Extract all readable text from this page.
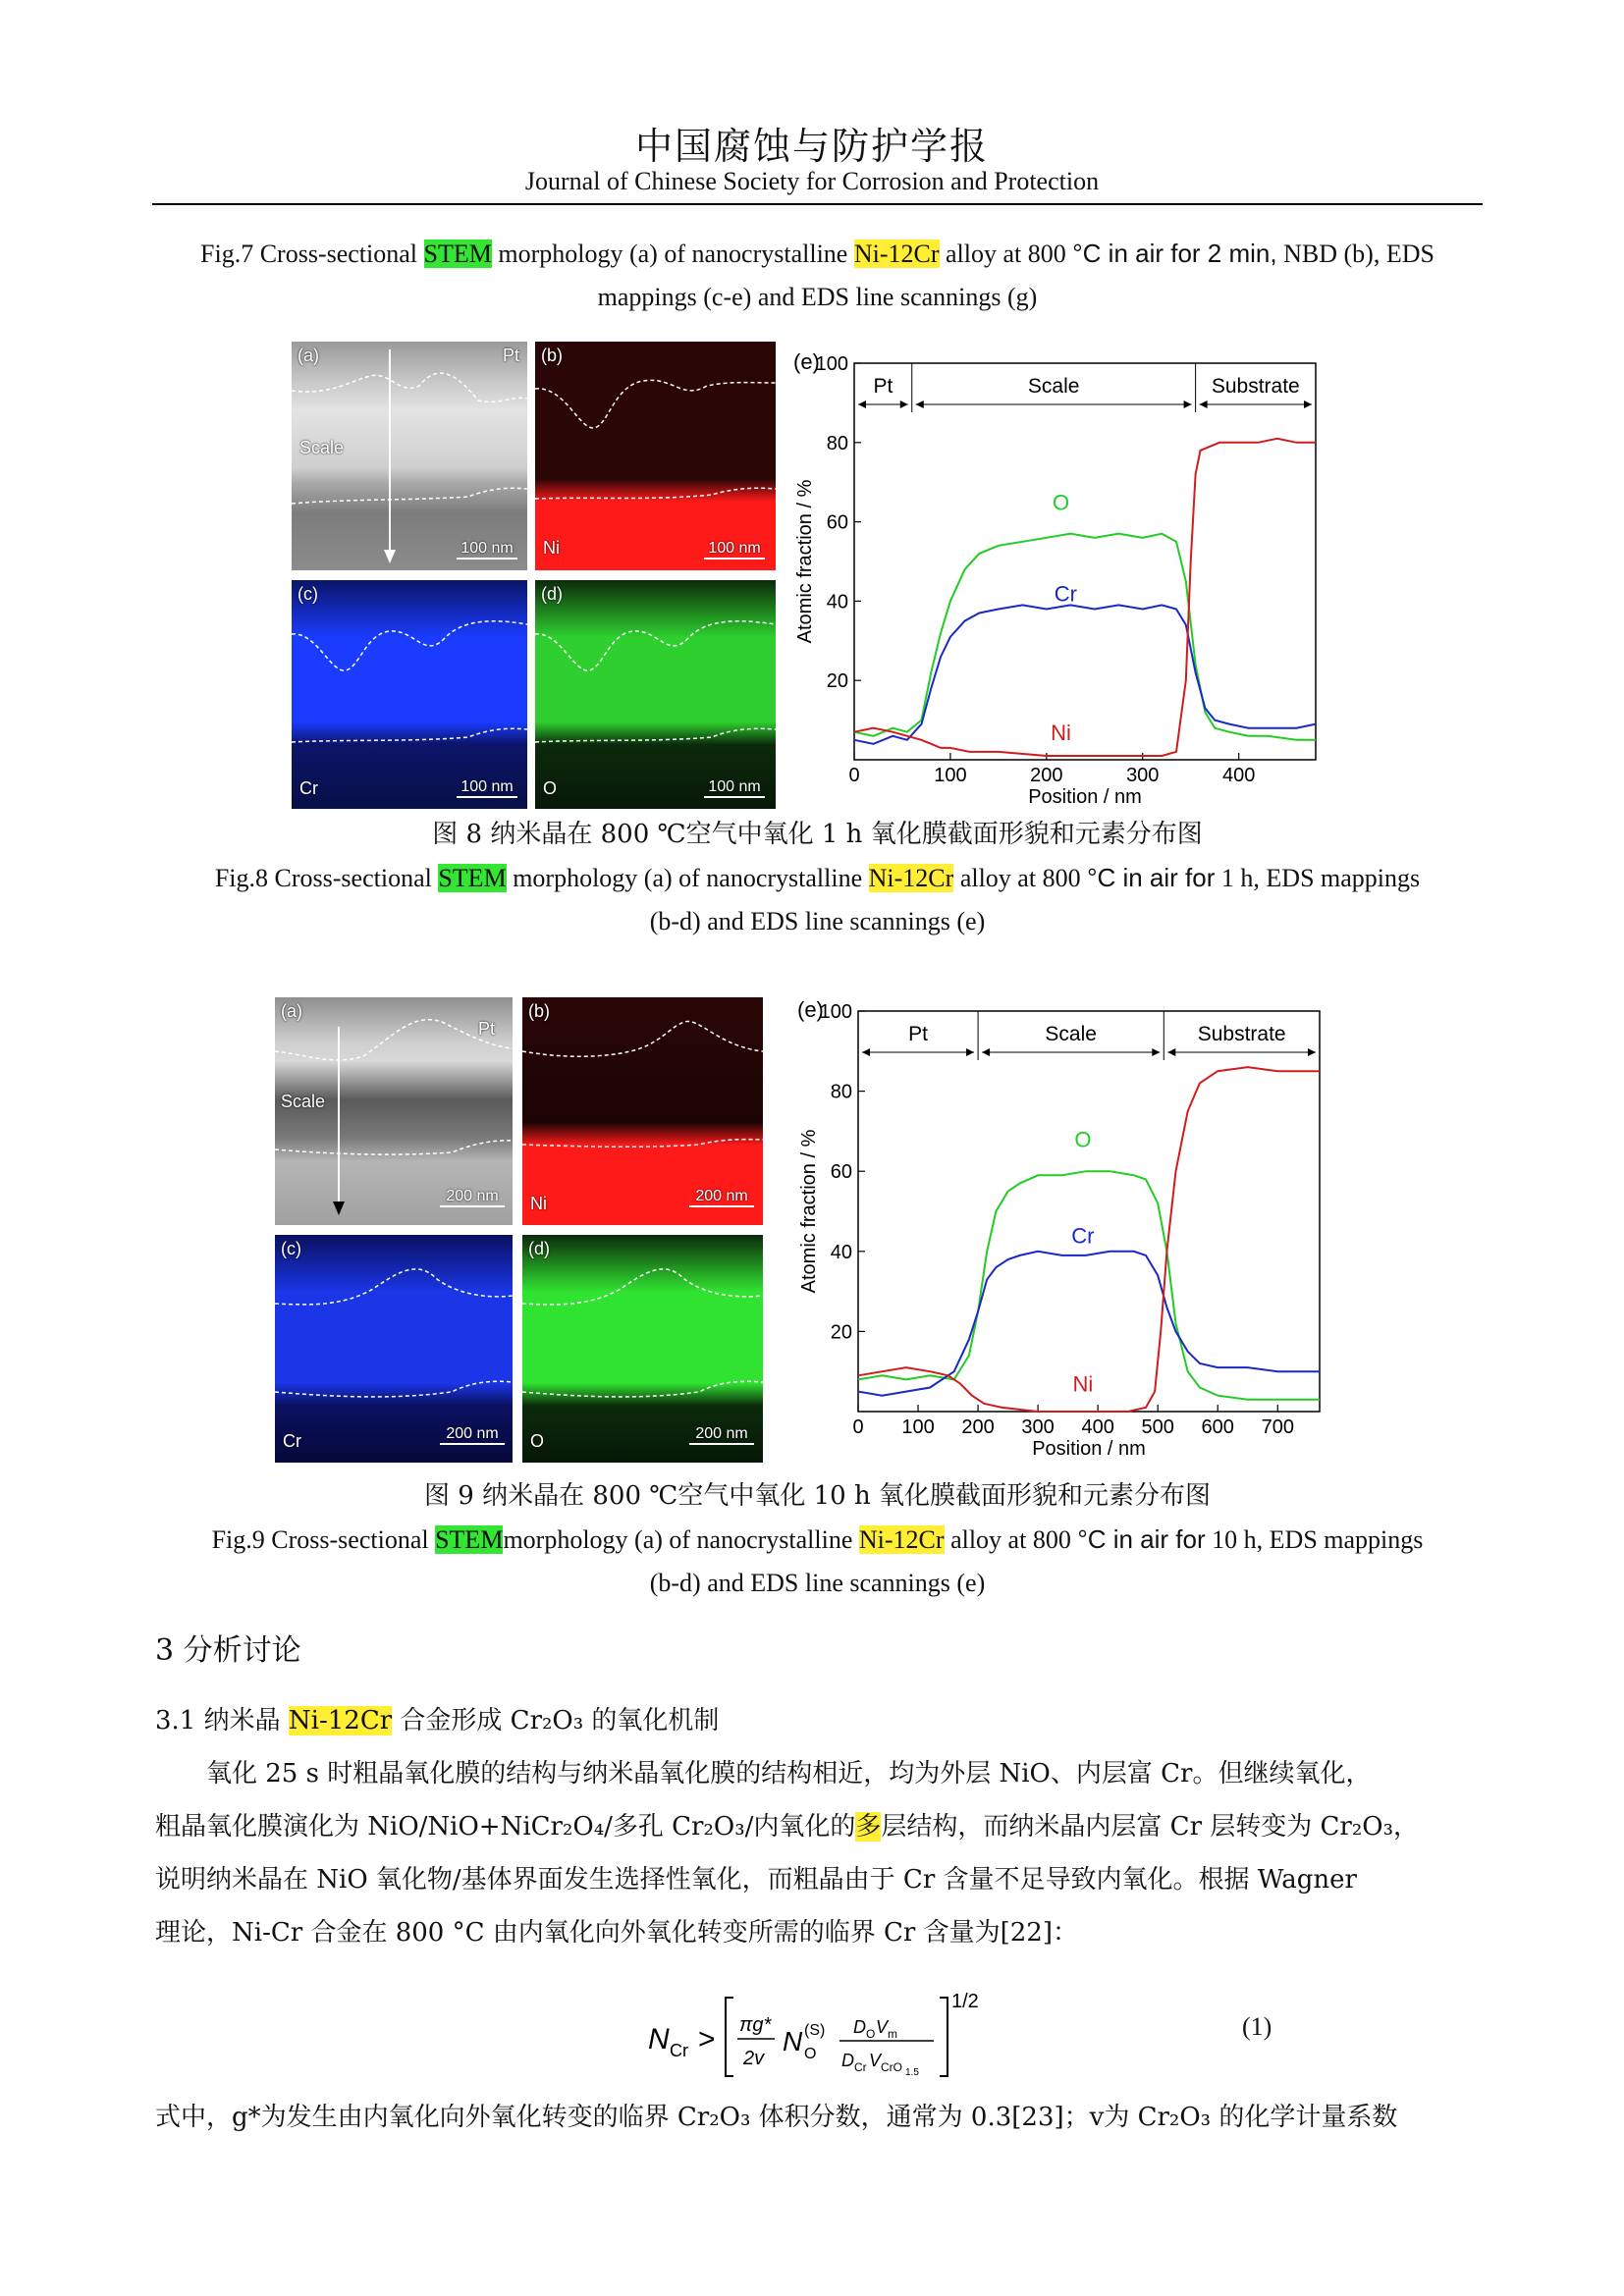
中国腐蚀与防护学报
Journal of Chinese Society for Corrosion and Protection
Fig.7 Cross-sectional STEM morphology (a) of nanocrystalline Ni-12Cr alloy at 800 °C in air for 2 min, NBD (b), EDS
mappings (c-e) and EDS line scannings (g)
(a)	Pt
Scale
100 nm
(b)
Ni	100 nm
(c)
Cr	100 nm
(d)
O	100 nm
(e)
20
40
60
80
100
0	100	200	300	400
Position / nm
Atomic fraction / %
Pt	Scale	Substrate
O
Cr
Ni
图 8 纳米晶在 800 ℃空气中氧化 1 h 氧化膜截面形貌和元素分布图
Fig.8 Cross-sectional STEM morphology (a) of nanocrystalline Ni-12Cr alloy at 800 °C in air for 1 h, EDS mappings
(b-d) and EDS line scannings (e)
(a)
Pt
Scale
200 nm
(b)
Ni	200 nm
(c)
Cr	200 nm
(d)
O	200 nm
(e)
20
40
60
80
100
0 100 200 300 400 500 600 700
Position / nm
Atomic fraction / %
Pt	Scale	Substrate
O
Cr
Ni
图 9 纳米晶在 800 ℃空气中氧化 10 h 氧化膜截面形貌和元素分布图
Fig.9 Cross-sectional STEMmorphology (a) of nanocrystalline Ni-12Cr alloy at 800 °C in air for 10 h, EDS mappings
(b-d) and EDS line scannings (e)
3 分析讨论
3.1 纳米晶 Ni-12Cr 合金形成 Cr₂O₃ 的氧化机制
氧化 25 s 时粗晶氧化膜的结构与纳米晶氧化膜的结构相近，均为外层 NiO、内层富 Cr。但继续氧化，
粗晶氧化膜演化为 NiO/NiO+NiCr₂O₄/多孔 Cr₂O₃/内氧化的多层结构，而纳米晶内层富 Cr 层转变为 Cr₂O₃，
说明纳米晶在 NiO 氧化物/基体界面发生选择性氧化，而粗晶由于 Cr 含量不足导致内氧化。根据 Wagner
理论，Ni-Cr 合金在 800 °C 由内氧化向外氧化转变所需的临界 Cr 含量为[22]：
N Cr > πg*
2v
N O
(S) D O V m
D Cr V CrO 1.5
1/2
(1)
式中，g*为发生由内氧化向外氧化转变的临界 Cr₂O₃ 体积分数，通常为 0.3[23]；v为 Cr₂O₃ 的化学计量系数
